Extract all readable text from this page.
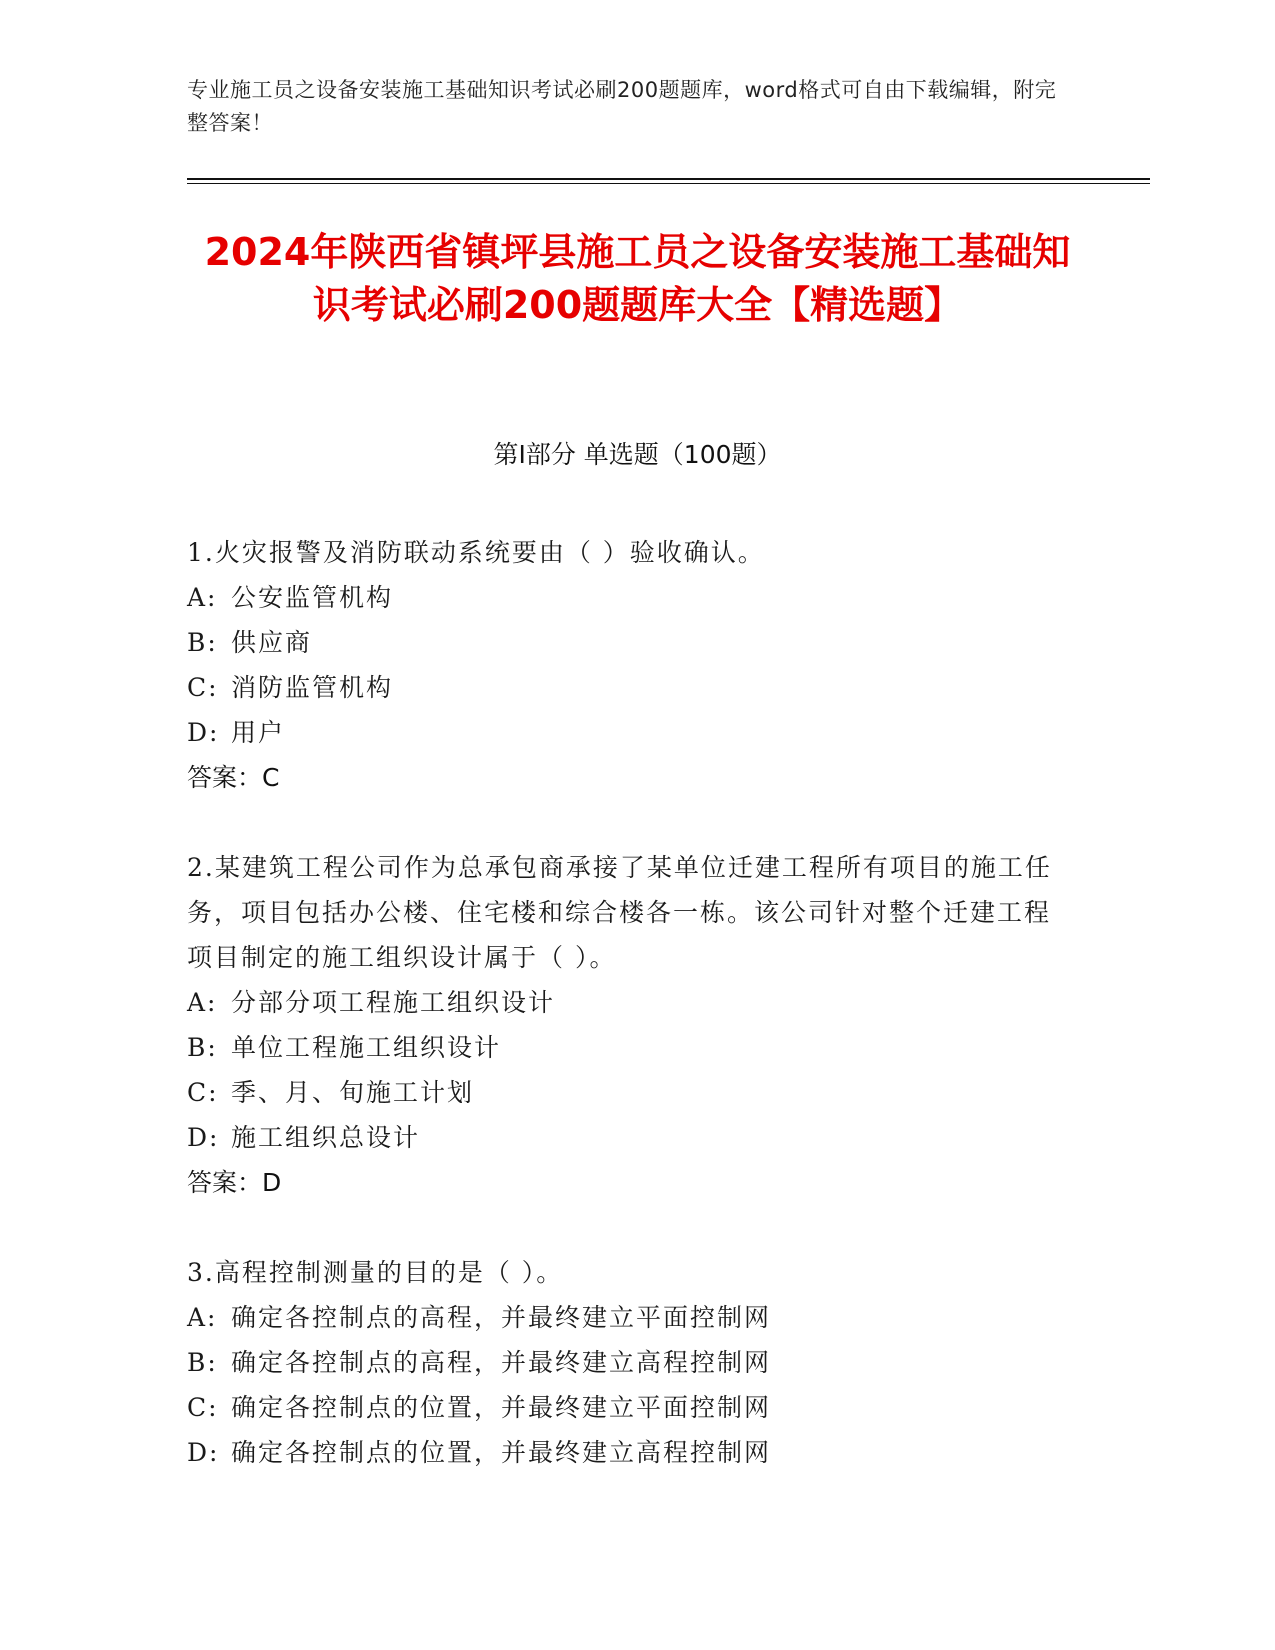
专业施工员之设备安装施工基础知识考试必刷200题题库，word格式可自由下载编辑，附完整答案！
2024年陕西省镇坪县施工员之设备安装施工基础知识考试必刷200题题库大全【精选题】
第I部分 单选题（100题）
1.火灾报警及消防联动系统要由（ ）验收确认。
A: 公安监管机构
B: 供应商
C: 消防监管机构
D: 用户
答案：C
2.某建筑工程公司作为总承包商承接了某单位迁建工程所有项目的施工任务，项目包括办公楼、住宅楼和综合楼各一栋。该公司针对整个迁建工程项目制定的施工组织设计属于（ ）。
A: 分部分项工程施工组织设计
B: 单位工程施工组织设计
C: 季、月、旬施工计划
D: 施工组织总设计
答案：D
3.高程控制测量的目的是（ ）。
A: 确定各控制点的高程，并最终建立平面控制网
B: 确定各控制点的高程，并最终建立高程控制网
C: 确定各控制点的位置，并最终建立平面控制网
D: 确定各控制点的位置，并最终建立高程控制网
